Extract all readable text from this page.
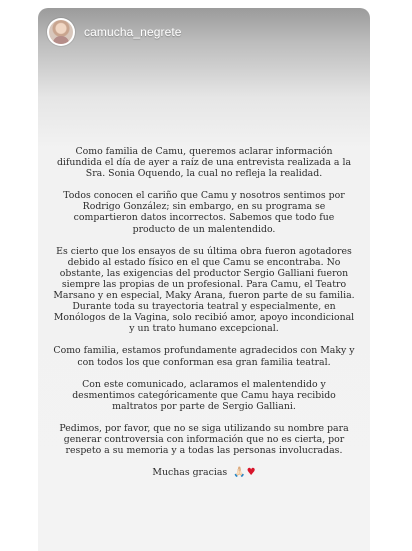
camucha_negrete

Como familia de Camu, queremos aclarar información difundida el día de ayer a raíz de una entrevista realizada a la Sra. Sonia Oquendo, la cual no refleja la realidad.

Todos conocen el cariño que Camu y nosotros sentimos por Rodrigo González; sin embargo, en su programa se compartieron datos incorrectos. Sabemos que todo fue producto de un malentendido.

Es cierto que los ensayos de su última obra fueron agotadores debido al estado físico en el que Camu se encontraba. No obstante, las exigencias del productor Sergio Galliani fueron siempre las propias de un profesional. Para Camu, el Teatro Marsano y en especial, Maky Arana, fueron parte de su familia. Durante toda su trayectoria teatral y especialmente, en Monólogos de la Vagina, solo recibió amor, apoyo incondicional y un trato humano excepcional.

Como familia, estamos profundamente agradecidos con Maky y con todos los que conforman esa gran familia teatral.

Con este comunicado, aclaramos el malentendido y desmentimos categóricamente que Camu haya recibido maltratos por parte de Sergio Galliani.

Pedimos, por favor, que no se siga utilizando su nombre para generar controversia con información que no es cierta, por respeto a su memoria y a todas las personas involucradas.

Muchas gracias 🙏🏻♥
